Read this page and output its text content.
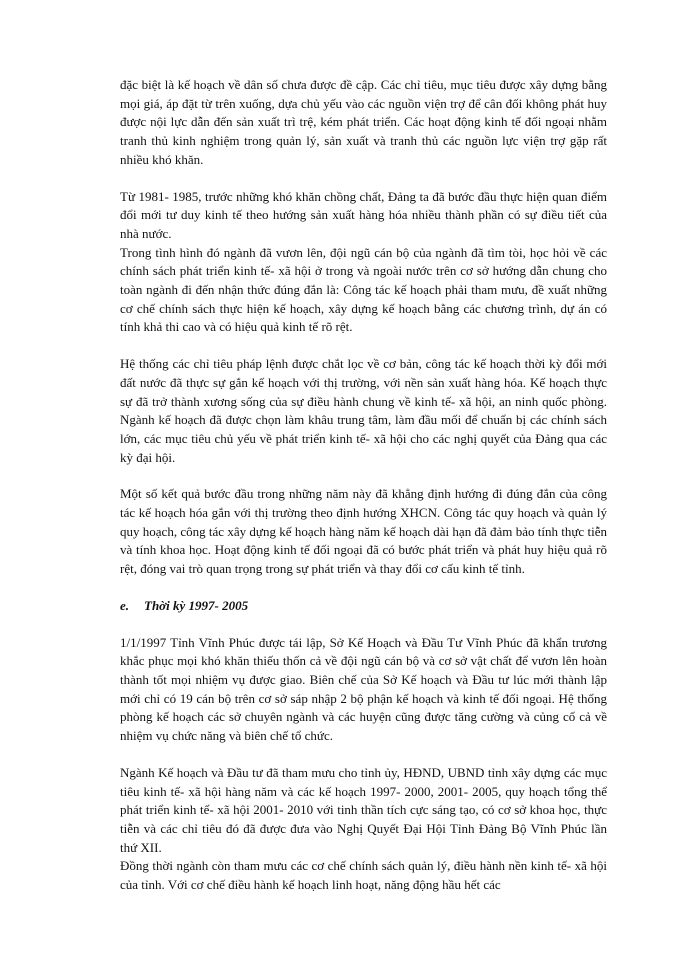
đặc biệt là kế hoạch về dân số chưa được đề cập. Các chỉ tiêu, mục tiêu được xây dựng bằng mọi giá, áp đặt từ trên xuống, dựa chủ yếu vào các nguồn viện trợ để cân đối không phát huy được nội lực dẫn đến sản xuất trì trệ, kém phát triển. Các hoạt động kinh tế đối ngoại nhằm tranh thủ kinh nghiệm trong quản lý, sản xuất và tranh thủ các nguồn lực viện trợ gặp rất nhiều khó khăn.

Từ 1981- 1985, trước những khó khăn chồng chất, Đảng ta đã bước đầu thực hiện quan điểm đổi mới tư duy kinh tế theo hướng sản xuất hàng hóa nhiều thành phần có sự điều tiết của nhà nước.

Trong tình hình đó ngành đã vươn lên, đội ngũ cán bộ của ngành đã tìm tòi, học hỏi về các chính sách phát triển kinh tế- xã hội ở trong và ngoài nước trên cơ sở hướng dẫn chung cho toàn ngành đi đến nhận thức đúng đắn là: Công tác kế hoạch phải tham mưu, đề xuất những cơ chế chính sách thực hiện kế hoạch, xây dựng kế hoạch bằng các chương trình, dự án có tính khả thi cao và có hiệu quả kinh tế rõ rệt.

Hệ thống các chỉ tiêu pháp lệnh được chắt lọc về cơ bản, công tác kế hoạch thời kỳ đổi mới đất nước đã thực sự gắn kế hoạch với thị trường, với nền sản xuất hàng hóa. Kế hoạch thực sự đã trở thành xương sống của sự điều hành chung về kinh tế- xã hội, an ninh quốc phòng. Ngành kế hoạch đã được chọn làm khâu trung tâm, làm đầu mối để chuẩn bị các chính sách lớn, các mục tiêu chủ yếu về phát triển kinh tế- xã hội cho các nghị quyết của Đảng qua các kỳ đại hội.

Một số kết quả bước đầu trong những năm này đã khẳng định hướng đi đúng đắn của công tác kế hoạch hóa gắn với thị trường theo định hướng XHCN. Công tác quy hoạch và quản lý quy hoạch, công tác xây dựng kế hoạch hàng năm kế hoạch dài hạn đã đảm bảo tính thực tiễn và tính khoa học. Hoạt động kinh tế đối ngoại đã có bước phát triển và phát huy hiệu quả rõ rệt, đóng vai trò quan trọng trong sự phát triển và thay đổi cơ cấu kinh tế tỉnh.

e. Thời kỳ 1997- 2005

1/1/1997 Tỉnh Vĩnh Phúc được tái lập, Sở Kế Hoạch và Đầu Tư Vĩnh Phúc đã khẩn trương khắc phục mọi khó khăn thiếu thốn cả về đội ngũ cán bộ và cơ sở vật chất để vươn lên hoàn thành tốt mọi nhiệm vụ được giao. Biên chế của Sở Kế hoạch và Đầu tư lúc mới thành lập mới chỉ có 19 cán bộ trên cơ sở sáp nhập 2 bộ phận kế hoạch và kinh tế đối ngoại. Hệ thống phòng kế hoạch các sở chuyên ngành và các huyện cũng được tăng cường và củng cố cả về nhiệm vụ chức năng và biên chế tổ chức.

Ngành Kế hoạch và Đầu tư đã tham mưu cho tỉnh ủy, HĐND, UBND tỉnh xây dựng các mục tiêu kinh tế- xã hội hàng năm và các kế hoạch 1997- 2000, 2001- 2005, quy hoạch tổng thể phát triển kinh tế- xã hội 2001- 2010 với tinh thần tích cực sáng tạo, có cơ sở khoa học, thực tiễn và các chỉ tiêu đó đã được đưa vào Nghị Quyết Đại Hội Tỉnh Đảng Bộ Vĩnh Phúc lần thứ XII.

Đồng thời ngành còn tham mưu các cơ chế chính sách quản lý, điều hành nền kinh tế- xã hội của tỉnh. Với cơ chế điều hành kế hoạch linh hoạt, năng động hầu hết các
